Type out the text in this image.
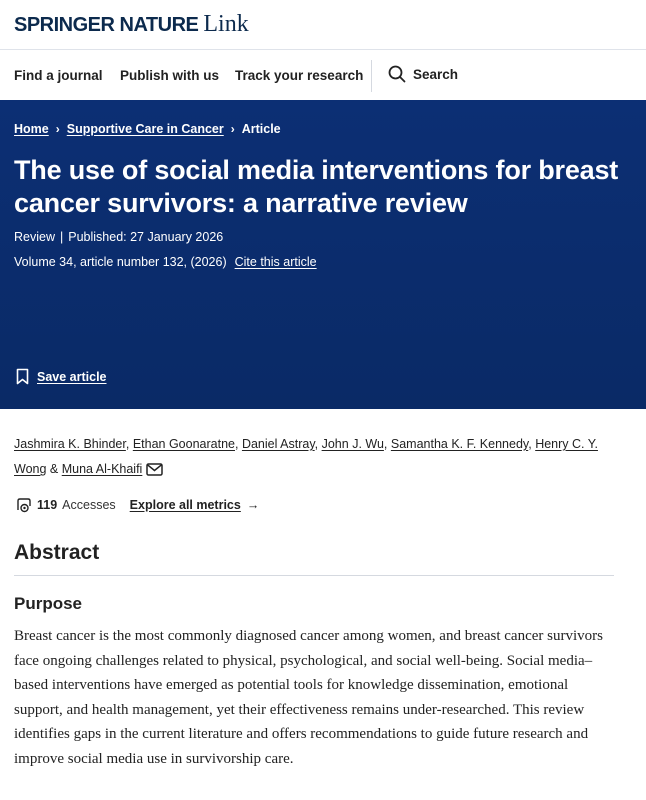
SPRINGER NATURE Link
Find a journal Publish with us Track your research	Search
Home › Supportive Care in Cancer › Article
The use of social media interventions for breast cancer survivors: a narrative review
Review | Published: 27 January 2026
Volume 34, article number 132, (2026) Cite this article
Save article
Jashmira K. Bhinder, Ethan Goonaratne, Daniel Astray, John J. Wu, Samantha K. F. Kennedy, Henry C. Y. Wong & Muna Al-Khaifi
119 Accesses Explore all metrics →
Abstract
Purpose

Breast cancer is the most commonly diagnosed cancer among women, and breast cancer survivors face ongoing challenges related to physical, psychological, and social well-being. Social media–based interventions have emerged as potential tools for knowledge dissemination, emotional support, and health management, yet their effectiveness remains under-researched. This review identifies gaps in the current literature and offers recommendations to guide future research and improve social media use in survivorship care.
